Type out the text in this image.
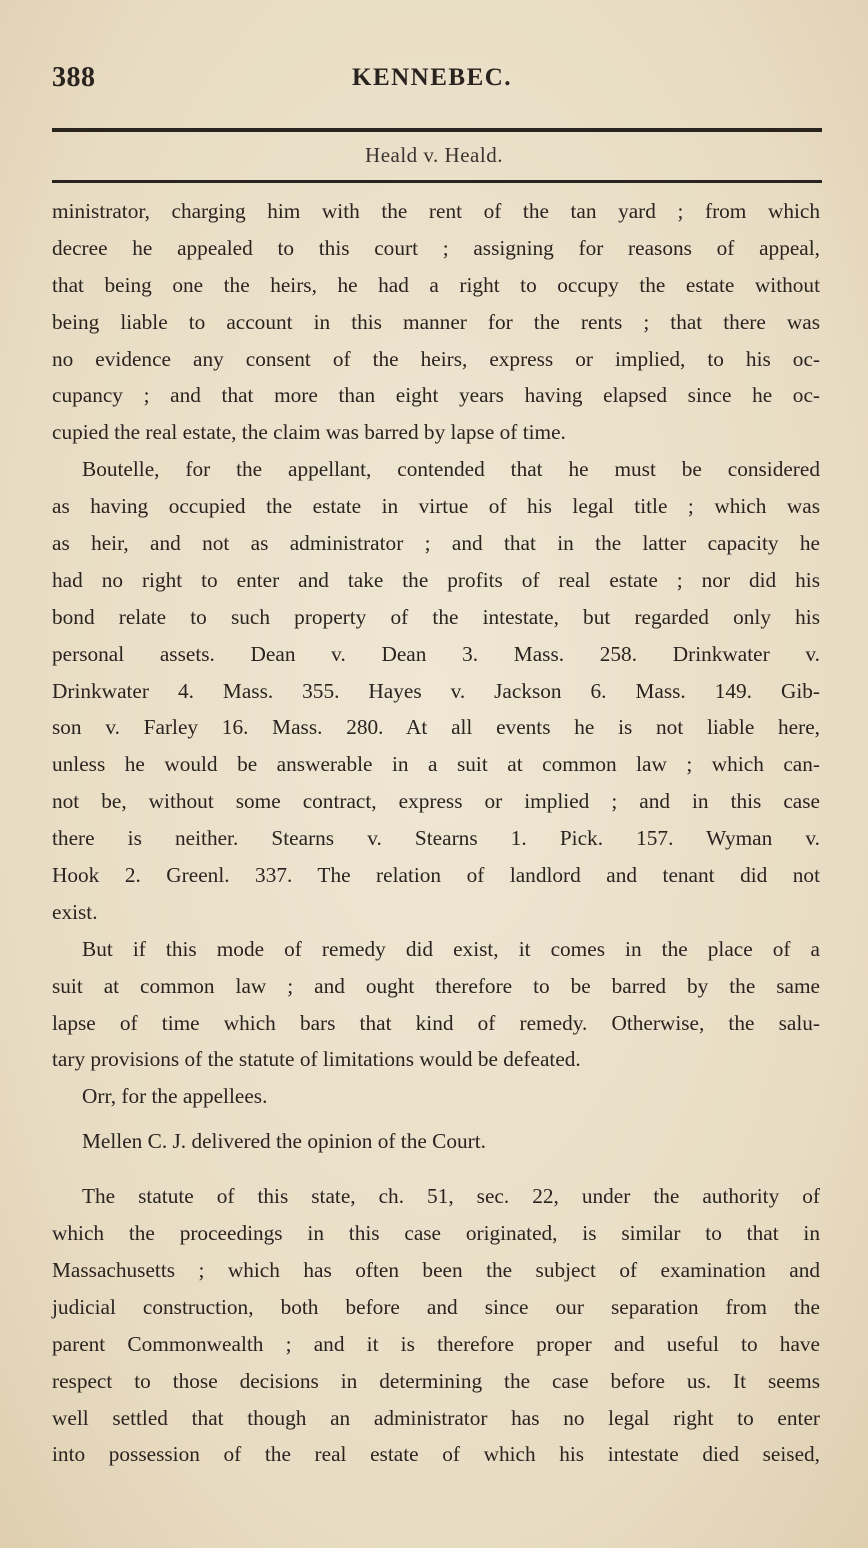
388	KENNEBEC.
Heald v. Heald.
ministrator, charging him with the rent of the tan yard ; from which
decree he appealed to this court ; assigning for reasons of appeal,
that being one the heirs, he had a right to occupy the estate without
being liable to account in this manner for the rents ; that there was
no evidence any consent of the heirs, express or implied, to his oc-
cupancy ; and that more than eight years having elapsed since he oc-
cupied the real estate, the claim was barred by lapse of time.
Boutelle, for the appellant, contended that he must be considered
as having occupied the estate in virtue of his legal title ; which was
as heir, and not as administrator ; and that in the latter capacity he
had no right to enter and take the profits of real estate ; nor did his
bond relate to such property of the intestate, but regarded only his
personal assets. Dean v. Dean 3. Mass. 258. Drinkwater v.
Drinkwater 4. Mass. 355. Hayes v. Jackson 6. Mass. 149. Gib-
son v. Farley 16. Mass. 280. At all events he is not liable here,
unless he would be answerable in a suit at common law ; which can-
not be, without some contract, express or implied ; and in this case
there is neither. Stearns v. Stearns 1. Pick. 157. Wyman v.
Hook 2. Greenl. 337. The relation of landlord and tenant did not
exist.
But if this mode of remedy did exist, it comes in the place of a
suit at common law ; and ought therefore to be barred by the same
lapse of time which bars that kind of remedy. Otherwise, the salu-
tary provisions of the statute of limitations would be defeated.
Orr, for the appellees.
Mellen C. J. delivered the opinion of the Court.
The statute of this state, ch. 51, sec. 22, under the authority of
which the proceedings in this case originated, is similar to that in
Massachusetts ; which has often been the subject of examination and
judicial construction, both before and since our separation from the
parent Commonwealth ; and it is therefore proper and useful to have
respect to those decisions in determining the case before us. It seems
well settled that though an administrator has no legal right to enter
into possession of the real estate of which his intestate died seised,
